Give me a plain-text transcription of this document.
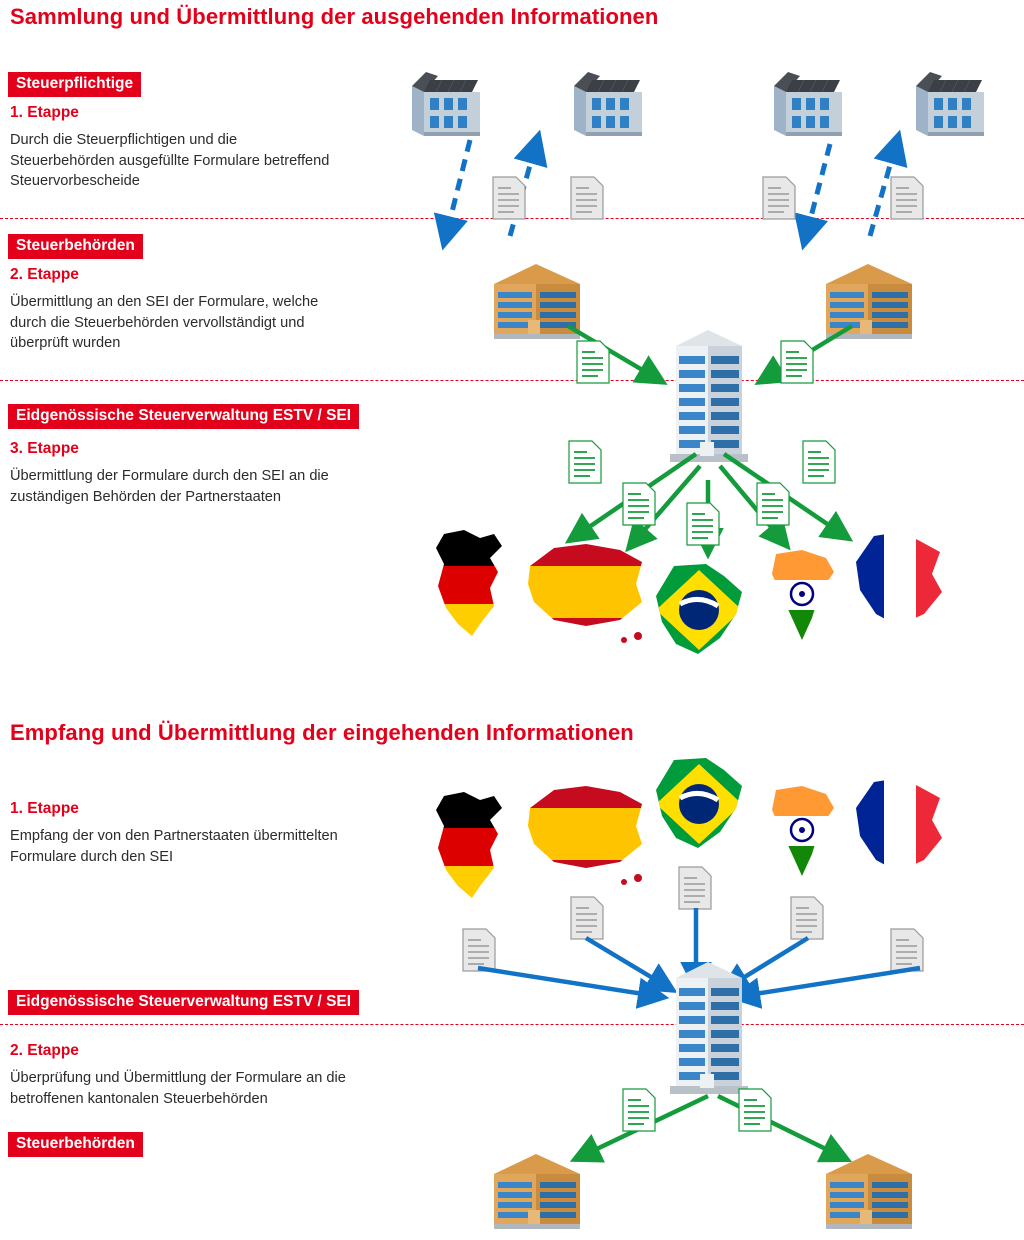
Sammlung und Übermittlung der ausgehenden Informationen
Steuerpflichtige
1. Etappe
Durch die Steuerpflichtigen und die Steuerbehörden ausgefüllte Formulare betreffend Steuervorbescheide
Steuerbehörden
2. Etappe
Übermittlung an den SEI der Formulare, welche durch die Steuerbehörden vervollständigt und überprüft wurden
Eidgenössische Steuerverwaltung ESTV / SEI
3. Etappe
Übermittlung der Formulare durch den SEI an die zuständigen Behörden der Partnerstaaten
Empfang und Übermittlung der eingehenden Informationen
1. Etappe
Empfang der von den Partnerstaaten übermittelten Formulare durch den SEI
Eidgenössische Steuerverwaltung ESTV / SEI
2. Etappe
Überprüfung und Übermittlung der Formulare an die betroffenen kantonalen Steuerbehörden
Steuerbehörden
